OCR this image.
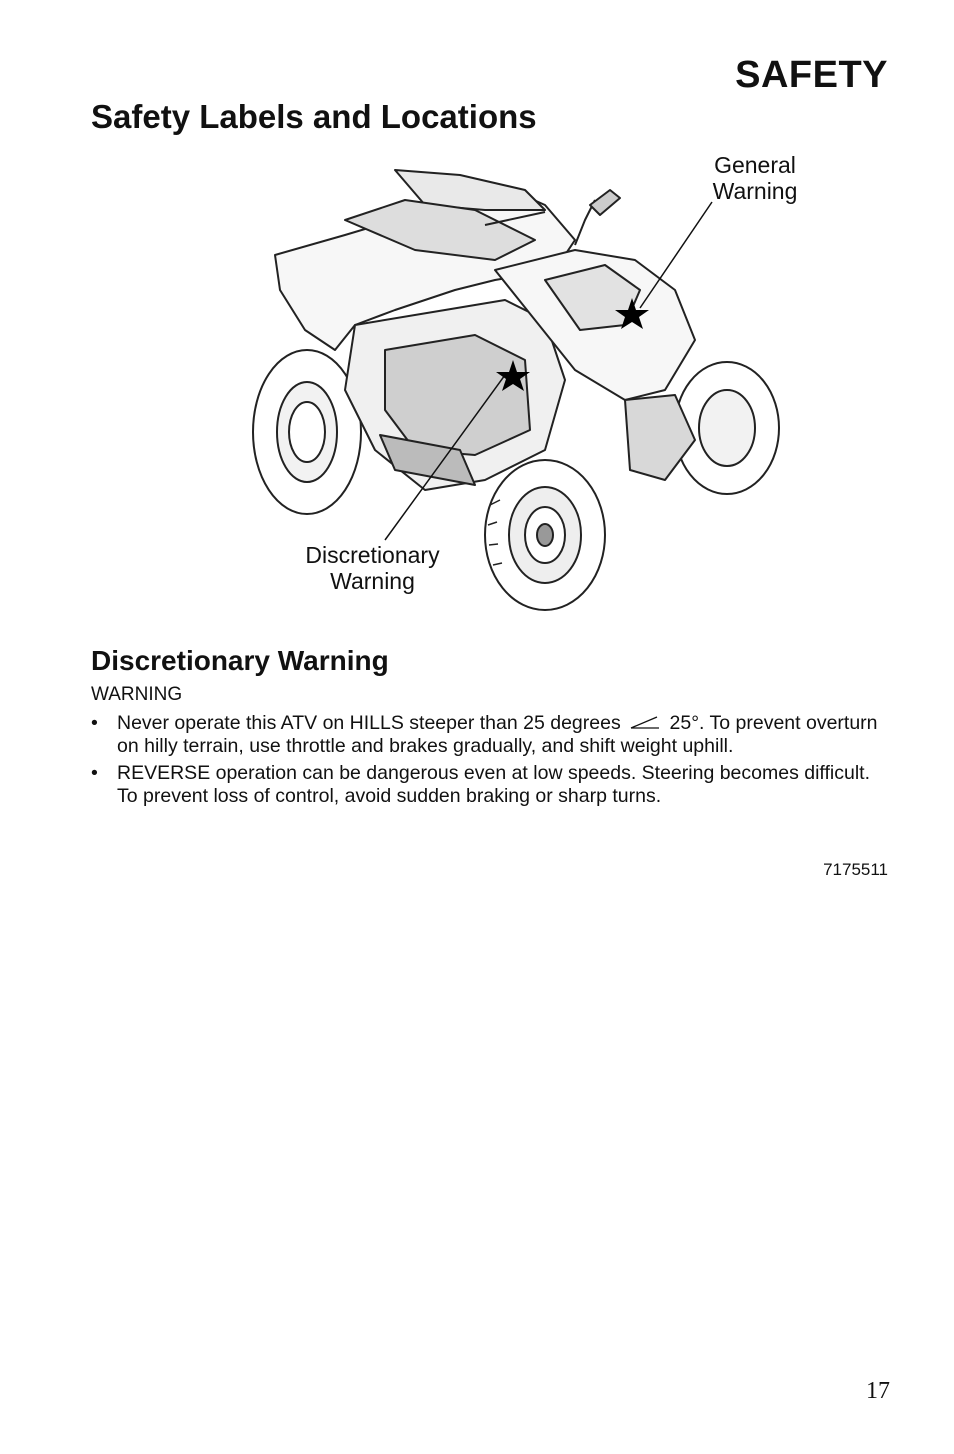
SAFETY
Safety Labels and Locations
General
Warning
Discretionary
Warning
Discretionary Warning
WARNING
• Never operate this ATV on HILLS steeper than 25 degrees	25°. To prevent overturn on hilly terrain, use throttle and brakes gradually, and shift weight uphill.
• REVERSE operation can be dangerous even at low speeds. Steering becomes difficult. To prevent loss of control, avoid sudden braking or sharp turns.
7175511
17
